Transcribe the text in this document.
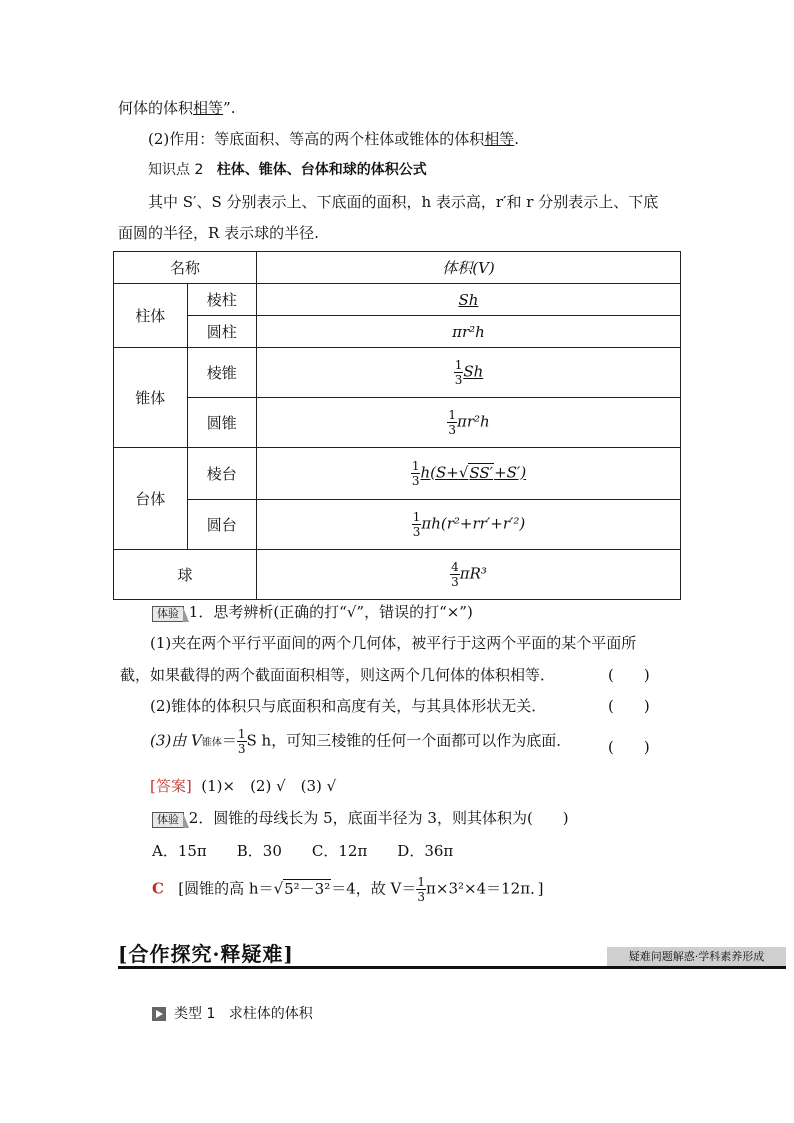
何体的体积相等”.
(2)作用：等底面积、等高的两个柱体或锥体的体积相等.
知识点 2 柱体、锥体、台体和球的体积公式
其中 S′、S 分别表示上、下底面的面积，h 表示高，r′和 r 分别表示上、下底
面圆的半径，R 表示球的半径.
名称		体积(V)
柱体	棱柱	Sh
	圆柱	πr²h
锥体	棱锥	$\frac{1}{3}$ Sh
	圆锥	$\frac{1}{3} \pi r^2h$
台体	棱台	$\frac{1}{3} h(S+√SS'+S')$
	圆台	$\frac{1}{3} \pi h(r^2+rr'+r'^2)$
球		$\frac{4}{3} \pi R^3$
体验 1．思考辨析(正确的打“√”，错误的打“×”)
(1)夹在两个平行平面间的两个几何体，被平行于这两个平面的某个平面所
截，如果截得的两个截面面积相等，则这两个几何体的体积相等．	(　　)
(2)锥体的体积只与底面积和高度有关，与其具体形状无关．	(　　)
(3)由 V锥体＝ $\frac{1}{3}$ S h，可知三棱锥的任何一个面都可以作为底面． (　　)
[答案] (1)×　(2) √　(3) √
体验 2．圆锥的母线长为 5，底面半径为 3，则其体积为(　　)
A．15π　　B．30　　C．12π　　D．36π
C [圆锥的高 h＝√5²－3²＝4，故 $V= \frac{1}{3} \pi\times 3^2\times 4=12\pi$．]
[合作探究·释疑难]	疑难问题解惑·学科素养形成
类型 1 求柱体的体积
